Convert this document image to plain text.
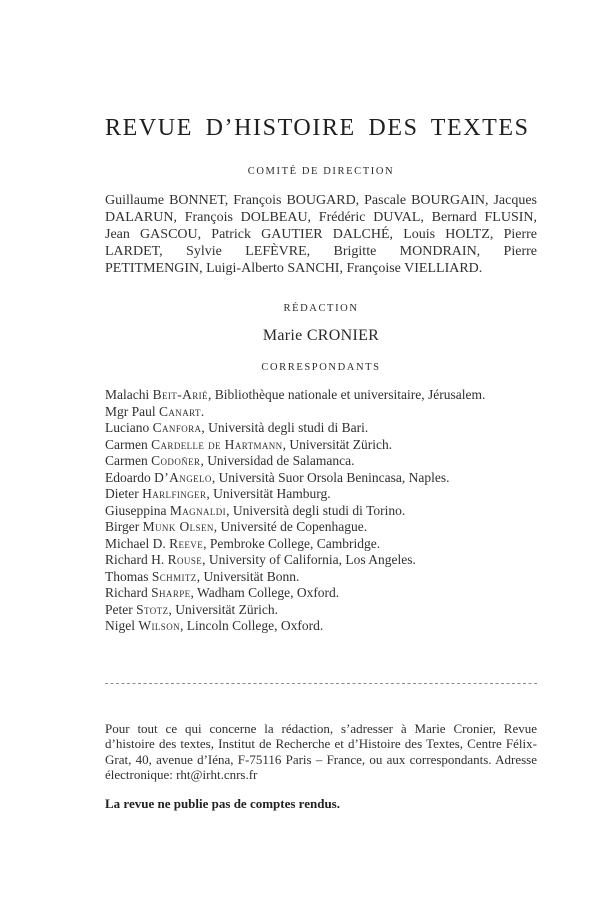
REVUE D’HISTOIRE DES TEXTES
COMITÉ DE DIRECTION

Guillaume BONNET, François BOUGARD, Pascale BOURGAIN, Jacques DALARUN, François DOLBEAU, Frédéric DUVAL, Bernard FLUSIN, Jean GASCOU, Patrick GAUTIER DALCHÉ, Louis HOLTZ, Pierre LARDET, Sylvie LEFÈVRE, Brigitte MONDRAIN, Pierre PETITMENGIN, Luigi-Alberto SANCHI, Françoise VIELLIARD.

RÉDACTION
Marie CRONIER
CORRESPONDANTS
Malachi Beit-Arié, Bibliothèque nationale et universitaire, Jérusalem.
Mgr Paul Canart.
Luciano Canfora, Università degli studi di Bari.
Carmen Cardelle de Hartmann, Universität Zürich.
Carmen Codoñer, Universidad de Salamanca.
Edoardo D’Angelo, Università Suor Orsola Benincasa, Naples.
Dieter Harlfinger, Universität Hamburg.
Giuseppina Magnaldi, Università degli studi di Torino.
Birger Munk Olsen, Université de Copenhague.
Michael D. Reeve, Pembroke College, Cambridge.
Richard H. Rouse, University of California, Los Angeles.
Thomas Schmitz, Universität Bonn.
Richard Sharpe, Wadham College, Oxford.
Peter Stotz, Universität Zürich.
Nigel Wilson, Lincoln College, Oxford.

Pour tout ce qui concerne la rédaction, s’adresser à Marie Cronier, Revue d’histoire des textes, Institut de Recherche et d’Histoire des Textes, Centre Félix-Grat, 40, avenue d’Iéna, F-75116 Paris – France, ou aux correspondants. Adresse électronique: rht@irht.cnrs.fr

La revue ne publie pas de comptes rendus.
